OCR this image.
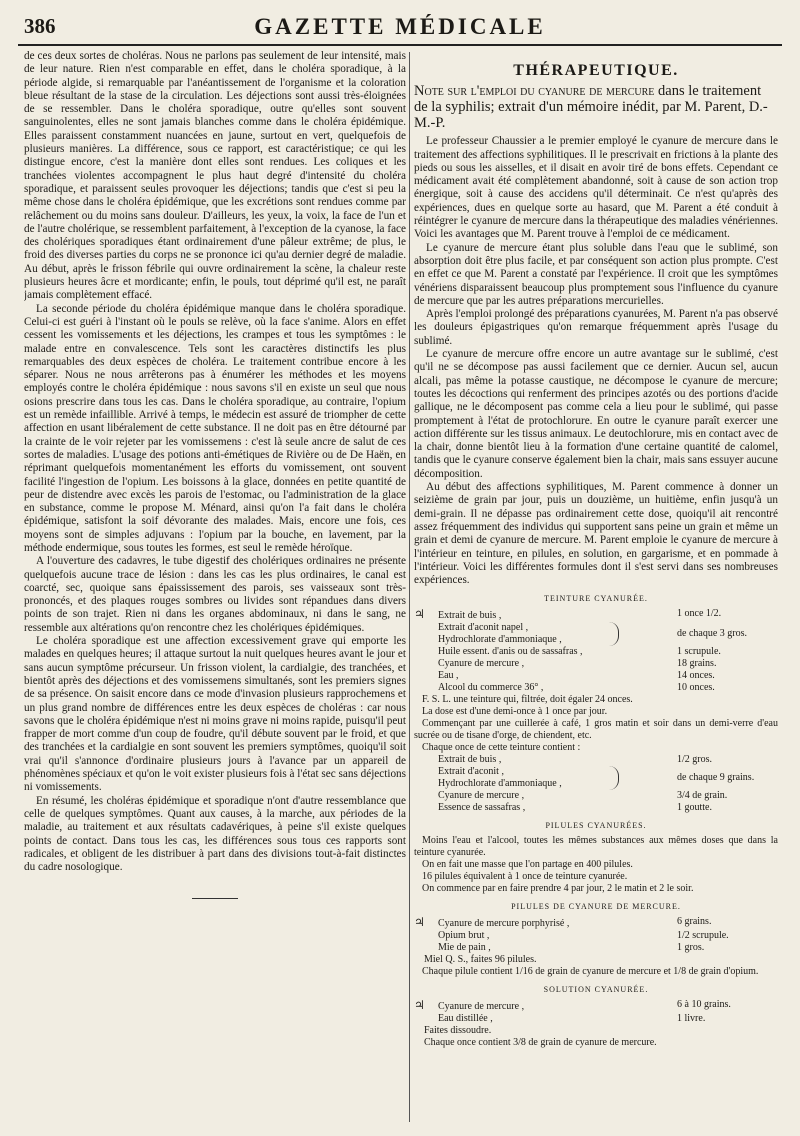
386	GAZETTE MÉDICALE

de ces deux sortes de choléras. Nous ne parlons pas seulement de leur intensité, mais de leur nature. Rien n'est comparable en effet, dans le choléra sporadique, à la période algide, si remarquable par l'anéantissement de l'organisme et la coloration bleue résultant de la stase de la circulation. Les déjections sont aussi très-éloignées de se ressembler. Dans le choléra sporadique, outre qu'elles sont souvent sanguinolentes, elles ne sont jamais blanches comme dans le choléra épidémique. Elles paraissent constamment nuancées en jaune, surtout en vert, quelquefois de plusieurs manières. La différence, sous ce rapport, est caractéristique; ce qui les distingue encore, c'est la manière dont elles sont rendues. Les coliques et les tranchées violentes accompagnent le plus haut degré d'intensité du choléra sporadique, et paraissent seules provoquer les déjections; tandis que c'est si peu la même chose dans le choléra épidémique, que les excrétions sont rendues comme par relâchement ou du moins sans douleur. D'ailleurs, les yeux, la voix, la face de l'un et de l'autre cholérique, se ressemblent parfaitement, à l'exception de la cyanose, la face des cholériques sporadiques étant ordinairement d'une pâleur extrême; de plus, le froid des diverses parties du corps ne se prononce ici qu'au dernier degré de maladie. Au début, après le frisson fébrile qui ouvre ordinairement la scène, la chaleur reste plusieurs heures âcre et mordicante; enfin, le pouls, tout déprimé qu'il est, ne paraît jamais complètement effacé.

La seconde période du choléra épidémique manque dans le choléra sporadique. Celui-ci est guéri à l'instant où le pouls se relève, où la face s'anime. Alors en effet cessent les vomissements et les déjections, les crampes et tous les symptômes : le malade entre en convalescence. Tels sont les caractères distinctifs les plus remarquables des deux espèces de choléra. Le traitement contribue encore à les séparer. Nous ne nous arrêterons pas à énumérer les méthodes et les moyens employés contre le choléra épidémique : nous savons s'il en existe un seul que nous osions prescrire dans tous les cas. Dans le choléra sporadique, au contraire, l'opium est un remède infaillible. Arrivé à temps, le médecin est assuré de triompher de cette affection en usant libéralement de cette substance. Il ne doit pas en être détourné par la crainte de le voir rejeter par les vomissemens : c'est là seule ancre de salut de ces sortes de maladies. L'usage des potions anti-émétiques de Rivière ou de De Haën, en réprimant quelquefois momentanément les efforts du vomissement, ont souvent facilité l'ingestion de l'opium. Les boissons à la glace, données en petite quantité de peur de distendre avec excès les parois de l'estomac, ou l'administration de la glace en substance, comme le propose M. Ménard, ainsi qu'on l'a fait dans le choléra épidémique, satisfont la soif dévorante des malades. Mais, encore une fois, ces moyens sont de simples adjuvans : l'opium par la bouche, en lavement, par la méthode endermique, sous toutes les formes, est seul le remède héroïque.

A l'ouverture des cadavres, le tube digestif des cholériques ordinaires ne présente quelquefois aucune trace de lésion : dans les cas les plus ordinaires, le canal est coarcté, sec, quoique sans épaississement des parois, ses vaisseaux sont très-prononcés, et des plaques rouges sombres ou livides sont répandues dans divers points de son trajet. Rien ni dans les organes abdominaux, ni dans le sang, ne ressemble aux altérations qu'on rencontre chez les cholériques épidémiques.

Le choléra sporadique est une affection excessivement grave qui emporte les malades en quelques heures; il attaque surtout la nuit quelques heures avant le jour et sans aucun symptôme précurseur. Un frisson violent, la cardialgie, des tranchées, et bientôt après des déjections et des vomissemens simultanés, sont les premiers signes de sa présence. On saisit encore dans ce mode d'invasion plusieurs rapprochemens et un plus grand nombre de différences entre les deux espèces de choléras : car nous savons que le choléra épidémique n'est ni moins grave ni moins rapide, puisqu'il peut frapper de mort comme d'un coup de foudre, qu'il débute souvent par le froid, et que des tranchées et la cardialgie en sont souvent les premiers symptômes, quoiqu'il soit vrai qu'il s'annonce d'ordinaire plusieurs jours à l'avance par un appareil de phénomènes spéciaux et qu'on le voit exister plusieurs fois à l'état sec sans déjections ni vomissements.

En résumé, les choléras épidémique et sporadique n'ont d'autre ressemblance que celle de quelques symptômes. Quant aux causes, à la marche, aux périodes de la maladie, au traitement et aux résultats cadavériques, à peine s'il existe quelques points de contact. Dans tous les cas, les différences sous tous ces rapports sont radicales, et obligent de les distribuer à part dans des divisions tout-à-fait distinctes du cadre nosologique.

THÉRAPEUTIQUE.
Note sur l'emploi du cyanure de mercure dans le traitement de la syphilis; extrait d'un mémoire inédit, par M. Parent, D.-M.-P.

Le professeur Chaussier a le premier employé le cyanure de mercure dans le traitement des affections syphilitiques. Il le prescrivait en frictions à la plante des pieds ou sous les aisselles, et il disait en avoir tiré de bons effets. Cependant ce médicament avait été complètement abandonné, soit à cause de son action trop énergique, soit à cause des accidens qu'il déterminait. Ce n'est qu'après des expériences, dues en quelque sorte au hasard, que M. Parent a été conduit à réintégrer le cyanure de mercure dans la thérapeutique des maladies vénériennes. Voici les avantages que M. Parent trouve à l'emploi de ce médicament.

Le cyanure de mercure étant plus soluble dans l'eau que le sublimé, son absorption doit être plus facile, et par conséquent son action plus prompte. C'est en effet ce que M. Parent a constaté par l'expérience. Il croit que les symptômes vénériens disparaissent beaucoup plus promptement sous l'influence du cyanure de mercure que par les autres préparations mercurielles.

Après l'emploi prolongé des préparations cyanurées, M. Parent n'a pas observé les douleurs épigastriques qu'on remarque fréquemment après l'usage du sublimé.

Le cyanure de mercure offre encore un autre avantage sur le sublimé, c'est qu'il ne se décompose pas aussi facilement que ce dernier. Aucun sel, aucun alcali, pas même la potasse caustique, ne décompose le cyanure de mercure; toutes les décoctions qui renferment des principes azotés ou des portions d'acide gallique, ne le décomposent pas comme cela a lieu pour le sublimé, qui passe promptement à l'état de protochlorure. En outre le cyanure paraît exercer une action différente sur les tissus animaux. Le deutochlorure, mis en contact avec de la chair, donne bientôt lieu à la formation d'une certaine quantité de calomel, tandis que le cyanure conserve également bien la chair, mais sans essuyer aucune décomposition.

Au début des affections syphilitiques, M. Parent commence à donner un seizième de grain par jour, puis un douzième, un huitième, enfin jusqu'à un demi-grain. Il ne dépasse pas ordinairement cette dose, quoiqu'il ait rencontré assez fréquemment des individus qui supportent sans peine un grain et même un grain et demi de cyanure de mercure. M. Parent emploie le cyanure de mercure à l'intérieur en teinture, en pilules, en solution, en gargarisme, et en pommade à l'intérieur. Voici les différentes formules dont il s'est servi dans ses nombreuses expériences.

TEINTURE CYANURÉE.
♃ Extrait de buis ,	1 once 1/2.
Extrait d'aconit napel ,
Hydrochlorate d'ammoniaque ,
de chaque 3 gros.
Huile essent. d'anis ou de sassafras ,	1 scrupule.
Cyanure de mercure ,	18 grains.
Eau ,	14 onces.
Alcool du commerce 36° ,	10 onces.
F. S. L. une teinture qui, filtrée, doit égaler 24 onces.
La dose est d'une demi-once à 1 once par jour.
Commençant par une cuillerée à café, 1 gros matin et soir dans un demi-verre d'eau sucrée ou de tisane d'orge, de chiendent, etc.
Chaque once de cette teinture contient :
Extrait de buis ,	1/2 gros.
Extrait d'aconit ,
Hydrochlorate d'ammoniaque ,
de chaque 9 grains.
Cyanure de mercure ,	3/4 de grain.
Essence de sassafras ,	1 goutte.
PILULES CYANURÉES.
Moins l'eau et l'alcool, toutes les mêmes substances aux mêmes doses que dans la teinture cyanurée.
On en fait une masse que l'on partage en 400 pilules.
16 pilules équivalent à 1 once de teinture cyanurée.
On commence par en faire prendre 4 par jour, 2 le matin et 2 le soir.
PILULES DE CYANURE DE MERCURE.
♃ Cyanure de mercure porphyrisé ,	6 grains.
Opium brut ,	1/2 scrupule.
Mie de pain ,	1 gros.
Miel Q. S., faites 96 pilules.
Chaque pilule contient 1/16 de grain de cyanure de mercure et 1/8 de grain d'opium.
SOLUTION CYANURÉE.
♃ Cyanure de mercure ,	6 à 10 grains.
Eau distillée ,	1 livre.
Faites dissoudre.
Chaque once contient 3/8 de grain de cyanure de mercure.
